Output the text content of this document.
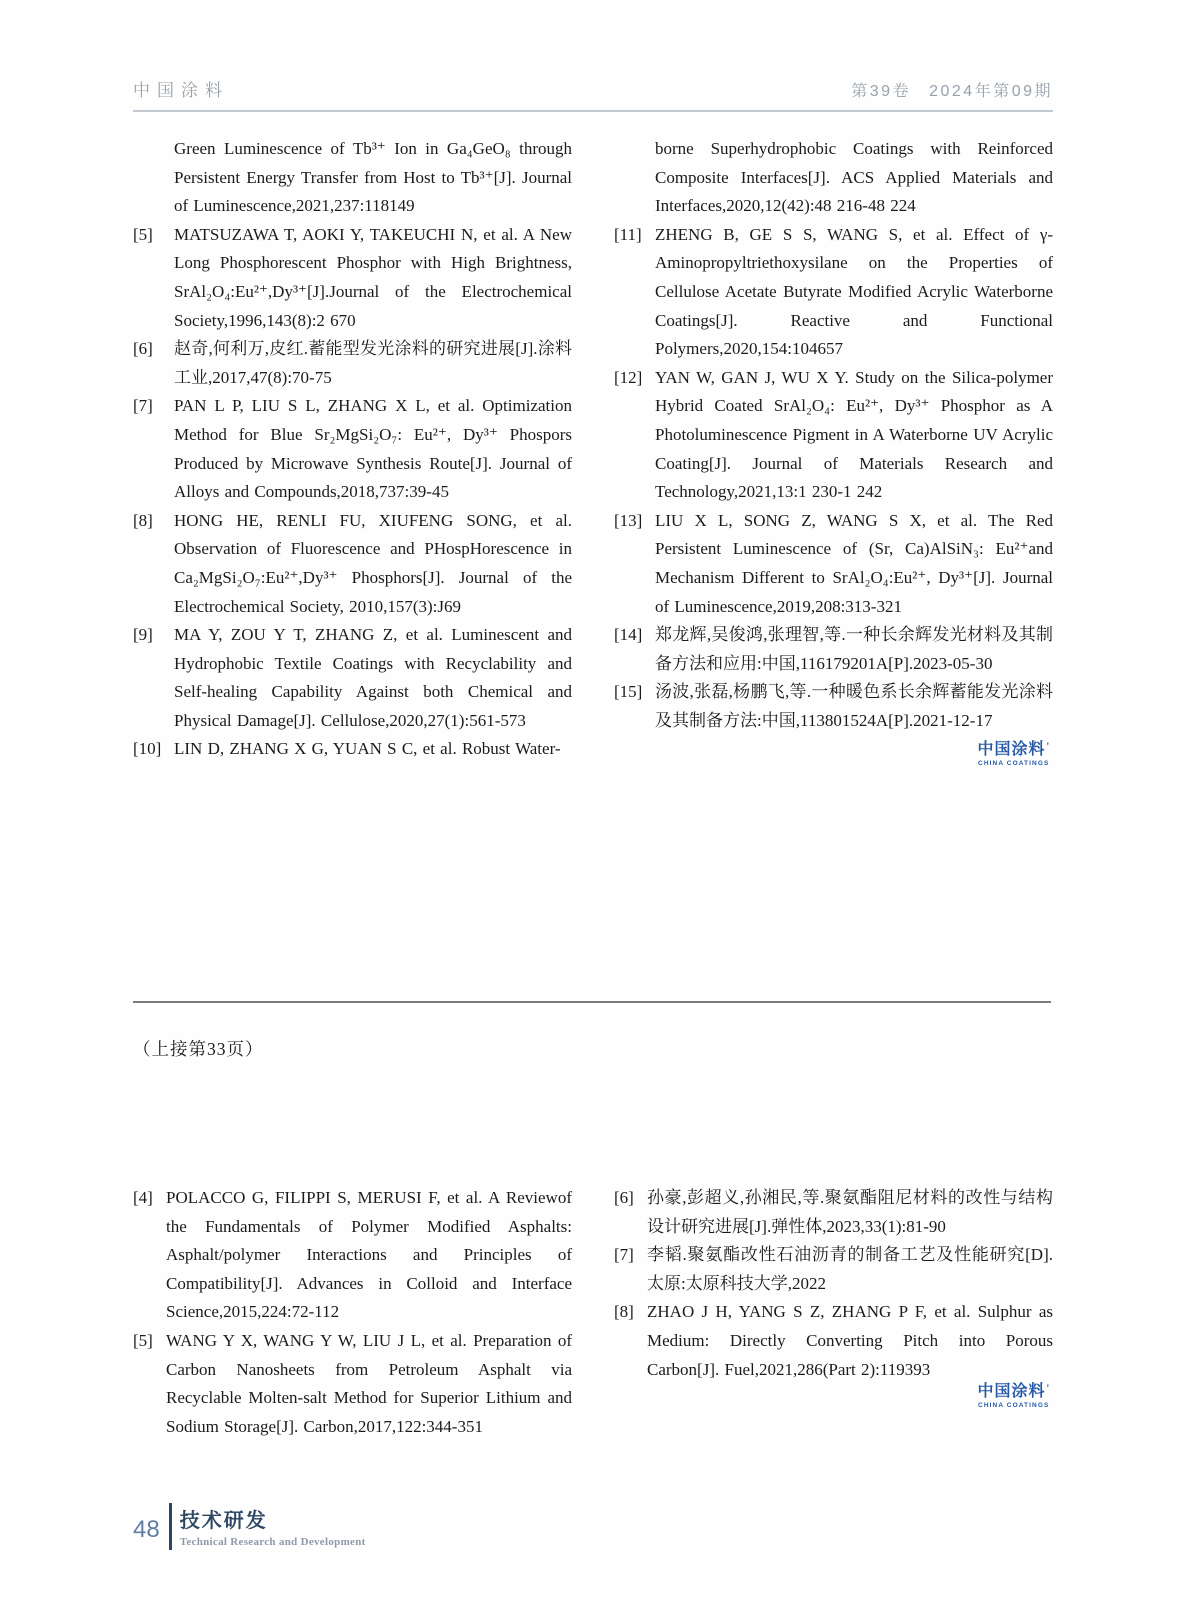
中国涂料	第39卷 2024年第09期
Green Luminescence of Tb³⁺ Ion in Ga₄GeO₈ through Persistent Energy Transfer from Host to Tb³⁺[J]. Journal of Luminescence,2021,237:118149
[5] MATSUZAWA T, AOKI Y, TAKEUCHI N, et al. A New Long Phosphorescent Phosphor with High Brightness, SrAl₂O₄:Eu²⁺,Dy³⁺[J].Journal of the Electrochemical Society,1996,143(8):2 670
[6] 赵奇,何利万,皮红.蓄能型发光涂料的研究进展[J].涂料工业,2017,47(8):70-75
[7] PAN L P, LIU S L, ZHANG X L, et al. Optimization Method for Blue Sr₂MgSi₂O₇: Eu²⁺, Dy³⁺ Phospors Produced by Microwave Synthesis Route[J]. Journal of Alloys and Compounds,2018,737:39-45
[8] HONG HE, RENLI FU, XIUFENG SONG, et al. Observation of Fluorescence and PHospHorescence in Ca₂MgSi₂O₇:Eu²⁺,Dy³⁺ Phosphors[J]. Journal of the Electrochemical Society, 2010,157(3):J69
[9] MA Y, ZOU Y T, ZHANG Z, et al. Luminescent and Hydrophobic Textile Coatings with Recyclability and Self-healing Capability Against both Chemical and Physical Damage[J]. Cellulose,2020,27(1):561-573
[10] LIN D, ZHANG X G, YUAN S C, et al. Robust Water-
borne Superhydrophobic Coatings with Reinforced Composite Interfaces[J]. ACS Applied Materials and Interfaces,2020,12(42):48 216-48 224
[11] ZHENG B, GE S S, WANG S, et al. Effect of γ-Aminopropyltriethoxysilane on the Properties of Cellulose Acetate Butyrate Modified Acrylic Waterborne Coatings[J]. Reactive and Functional Polymers,2020,154:104657
[12] YAN W, GAN J, WU X Y. Study on the Silica-polymer Hybrid Coated SrAl₂O₄: Eu²⁺, Dy³⁺ Phosphor as A Photoluminescence Pigment in A Waterborne UV Acrylic Coating[J]. Journal of Materials Research and Technology,2021,13:1 230-1 242
[13] LIU X L, SONG Z, WANG S X, et al. The Red Persistent Luminescence of (Sr, Ca)AlSiN₃: Eu²⁺and Mechanism Different to SrAl₂O₄:Eu²⁺, Dy³⁺[J]. Journal of Luminescence,2019,208:313-321
[14] 郑龙辉,吴俊鸿,张理智,等.一种长余辉发光材料及其制备方法和应用:中国,116179201A[P].2023-05-30
[15] 汤波,张磊,杨鹏飞,等.一种暖色系长余辉蓄能发光涂料及其制备方法:中国,113801524A[P].2021-12-17
中国涂料’
CHINA COATINGS
（上接第33页）
[4] POLACCO G, FILIPPI S, MERUSI F, et al. A Reviewof the Fundamentals of Polymer Modified Asphalts: Asphalt/polymer Interactions and Principles of Compatibility[J]. Advances in Colloid and Interface Science,2015,224:72-112
[5] WANG Y X, WANG Y W, LIU J L, et al. Preparation of Carbon Nanosheets from Petroleum Asphalt via Recyclable Molten-salt Method for Superior Lithium and Sodium Storage[J]. Carbon,2017,122:344-351
[6] 孙豪,彭超义,孙湘民,等.聚氨酯阻尼材料的改性与结构设计研究进展[J].弹性体,2023,33(1):81-90
[7] 李韬.聚氨酯改性石油沥青的制备工艺及性能研究[D].太原:太原科技大学,2022
[8] ZHAO J H, YANG S Z, ZHANG P F, et al. Sulphur as Medium: Directly Converting Pitch into Porous Carbon[J]. Fuel,2021,286(Part 2):119393
中国涂料’
CHINA COATINGS
48 技术研发
Technical Research and Development
